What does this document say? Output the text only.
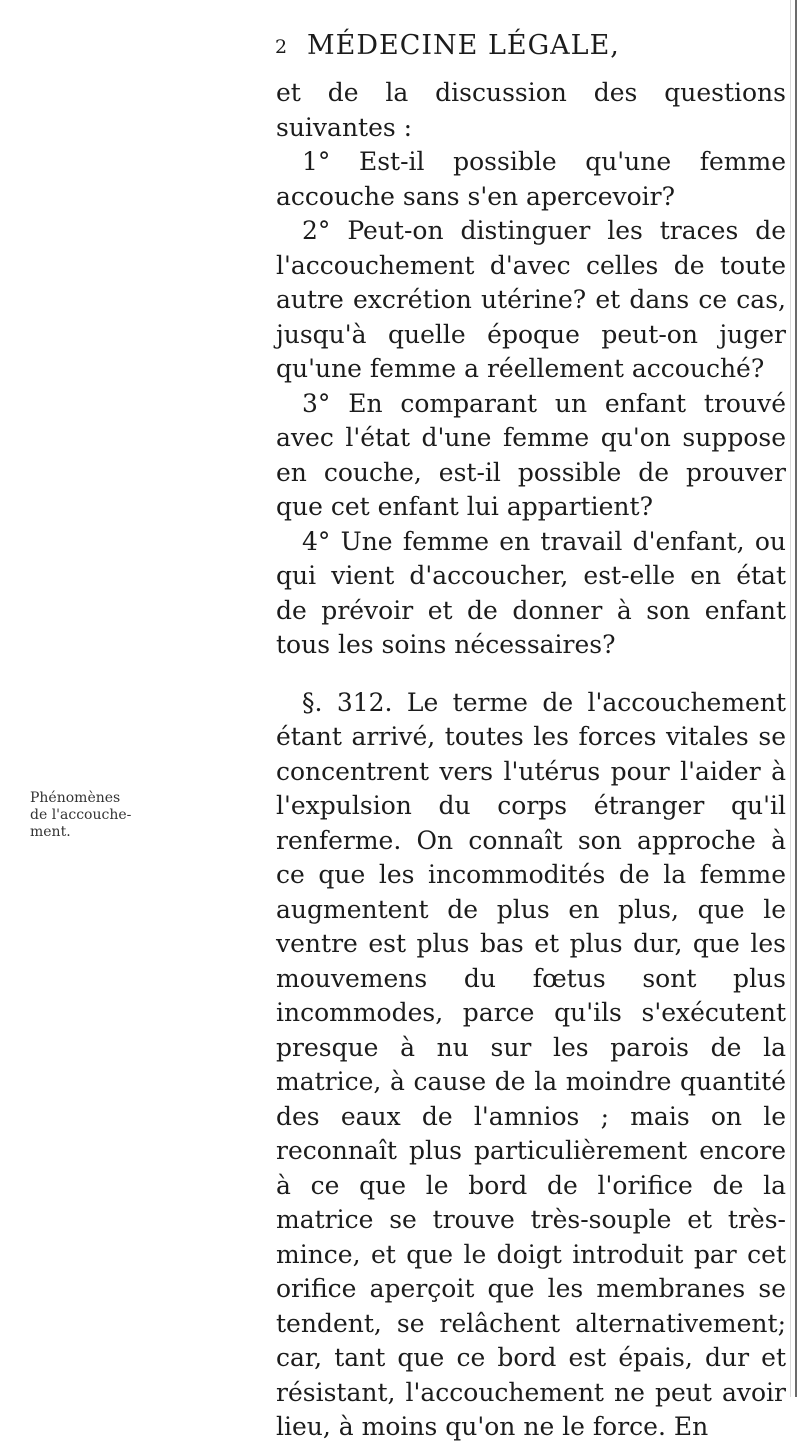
2 MÉDECINE LÉGALE,
Phénomènes
de l'accouche-
ment.

et de la discussion des questions suivantes :

1° Est-il possible qu'une femme accouche sans s'en apercevoir?

2° Peut-on distinguer les traces de l'accouchement d'avec celles de toute autre excrétion utérine? et dans ce cas, jusqu'à quelle époque peut-on juger qu'une femme a réellement accouché?

3° En comparant un enfant trouvé avec l'état d'une femme qu'on suppose en couche, est-il possible de prouver que cet enfant lui appartient?

4° Une femme en travail d'enfant, ou qui vient d'accoucher, est-elle en état de prévoir et de donner à son enfant tous les soins nécessaires?

§. 312. Le terme de l'accouchement étant arrivé, toutes les forces vitales se concentrent vers l'utérus pour l'aider à l'expulsion du corps étranger qu'il renferme. On connaît son approche à ce que les incommodités de la femme augmentent de plus en plus, que le ventre est plus bas et plus dur, que les mouvemens du fœtus sont plus incommodes, parce qu'ils s'exécutent presque à nu sur les parois de la matrice, à cause de la moindre quantité des eaux de l'amnios ; mais on le reconnaît plus particulièrement encore à ce que le bord de l'orifice de la matrice se trouve très-souple et très-mince, et que le doigt introduit par cet orifice aperçoit que les membranes se tendent, se relâchent alternativement; car, tant que ce bord est épais, dur et résistant, l'accouchement ne peut avoir lieu, à moins qu'on ne le force. En
